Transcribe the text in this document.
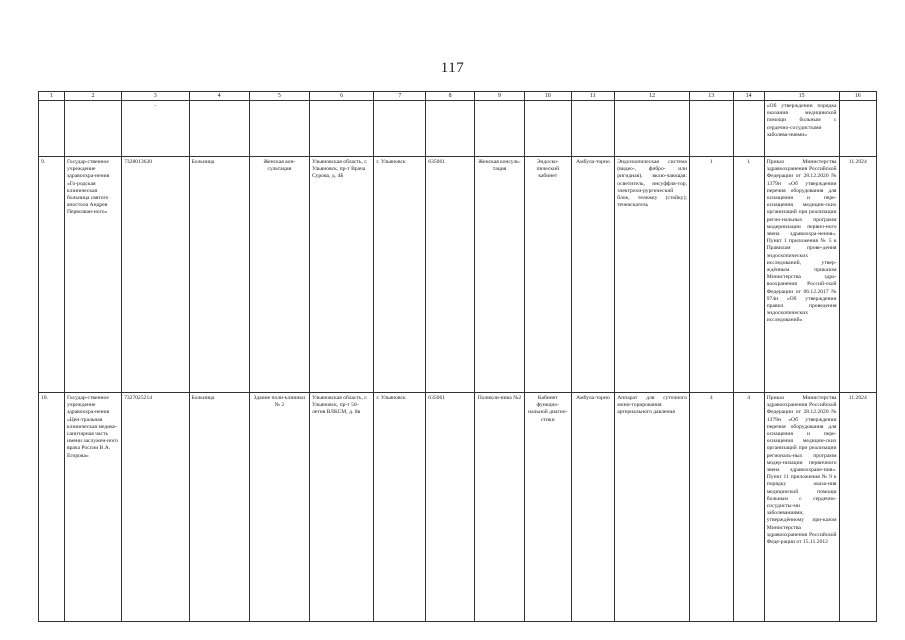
117
1	2	3	4	5	6	7	8	9	10	11	12	13	14	15	16
		-												«Об утверждении порядка оказания медицинской помощи больным с сердечно-сосудистыми заболева-ниями»	
9.	Государ-ственное учреждение здравоохра-нения «Го-родская клиническая больница святого апостола Андрея Первозван-ного»	7328013620	Больница	Женская кон-сультация	Ульяновская область, г. Ульяновск, пр-т Врача Сурова, д. 4Б	г. Ульяновск	635061	Женская консуль-тация	Эндоско-пический кабинет	Амбула-торно	Эндоскопическая система (видео-, фибро- или ригидная), вклю-чающая: осветитель, инсуффля-тор, электрохи-рургический блок, тележку (стойку); течеискатель	1	1	Приказ Министерства здравоохранения Российской Федерации от 28.12.2020 № 1379н «Об утверждении перечня оборудования для оснащения и пере-оснащения медицин-ских организаций при реализации регио-нальных программ модернизации первич-ного звена здравоохра-нения». Пункт 1 приложения № 5 к Правилам прове-дения эндоскопических исследований, утвер-ждённым приказом Министерства здра-воохранения Россий-ской Федерации от 06.12.2017 № 974н «Об утверждении правил проведения эндоскопических исследований»	11.2024
10.	Государ-ственное учреждение здравоохра-нения «Цен-тральная клиническая медико-санитарная часть имени заслужен-ного врача России В.А. Егорова»	7327025214	Больница	Здание поли-клиники № 2	Ульяновская область, г. Ульяновск, пр-т 50-летия ВЛКСМ, д. 8в	г. Ульяновск	635061	Поликли-ника №2	Кабинет функцио-нальной диагно-стики	Амбула-торно	Аппарат для суточного мони-торирования артериального давления	4	4	Приказ Министерства здравоохранения Российской Федерации от 28.12.2020 № 1379н «Об утверждении перечня оборудования для оснащения и пере-оснащения медицин-ских организаций при реализации региональ-ных программ модер-низации первичного звена здравоохране-ния». Пункт 11 приложения № 9 к порядку оказа-ния медицинской помощи больным с сердечно-сосудисты-ми заболеваниями, утверждённому при-казом Министерства здравоохранения Российской Феде-рации от 15.11.2012	11.2024
